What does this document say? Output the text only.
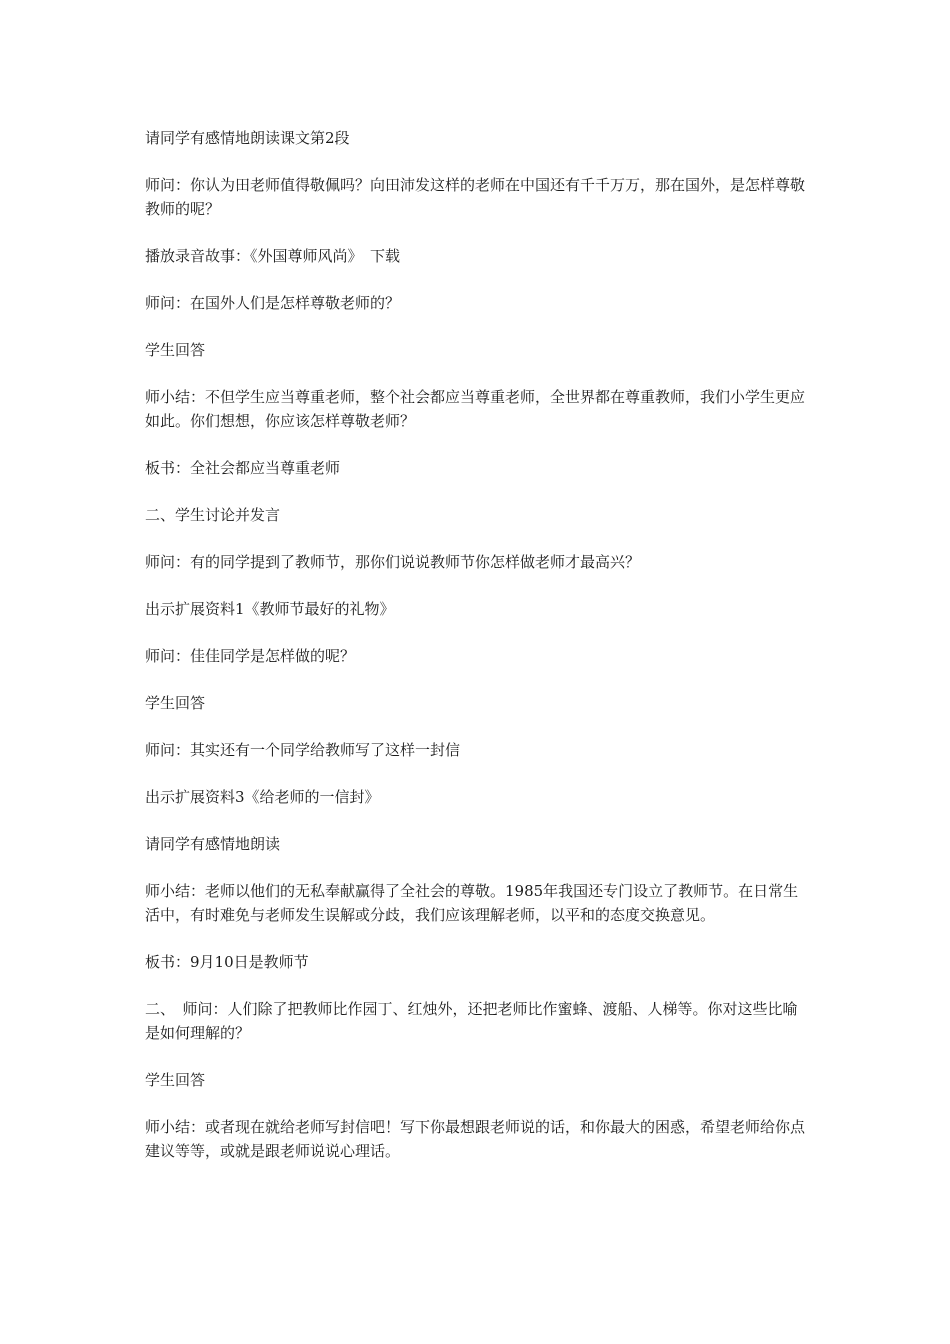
请同学有感情地朗读课文第2段

师问：你认为田老师值得敬佩吗？向田沛发这样的老师在中国还有千千万万，那在国外，是怎样尊敬教师的呢？

播放录音故事：《外国尊师风尚》　下载

师问：在国外人们是怎样尊敬老师的？

学生回答

师小结：不但学生应当尊重老师，整个社会都应当尊重老师，全世界都在尊重教师，我们小学生更应如此。你们想想，你应该怎样尊敬老师？

板书：全社会都应当尊重老师

二、学生讨论并发言

师问：有的同学提到了教师节，那你们说说教师节你怎样做老师才最高兴？

出示扩展资料1《教师节最好的礼物》

师问：佳佳同学是怎样做的呢？

学生回答

师问：其实还有一个同学给教师写了这样一封信

出示扩展资料3《给老师的一信封》

请同学有感情地朗读

师小结：老师以他们的无私奉献赢得了全社会的尊敬。1985年我国还专门设立了教师节。在日常生活中，有时难免与老师发生误解或分歧，我们应该理解老师，以平和的态度交换意见。

板书：9月10日是教师节

二、　师问：人们除了把教师比作园丁、红烛外，还把老师比作蜜蜂、渡船、人梯等。你对这些比喻是如何理解的？

学生回答

师小结：或者现在就给老师写封信吧！写下你最想跟老师说的话，和你最大的困惑，希望老师给你点建议等等，或就是跟老师说说心理话。
